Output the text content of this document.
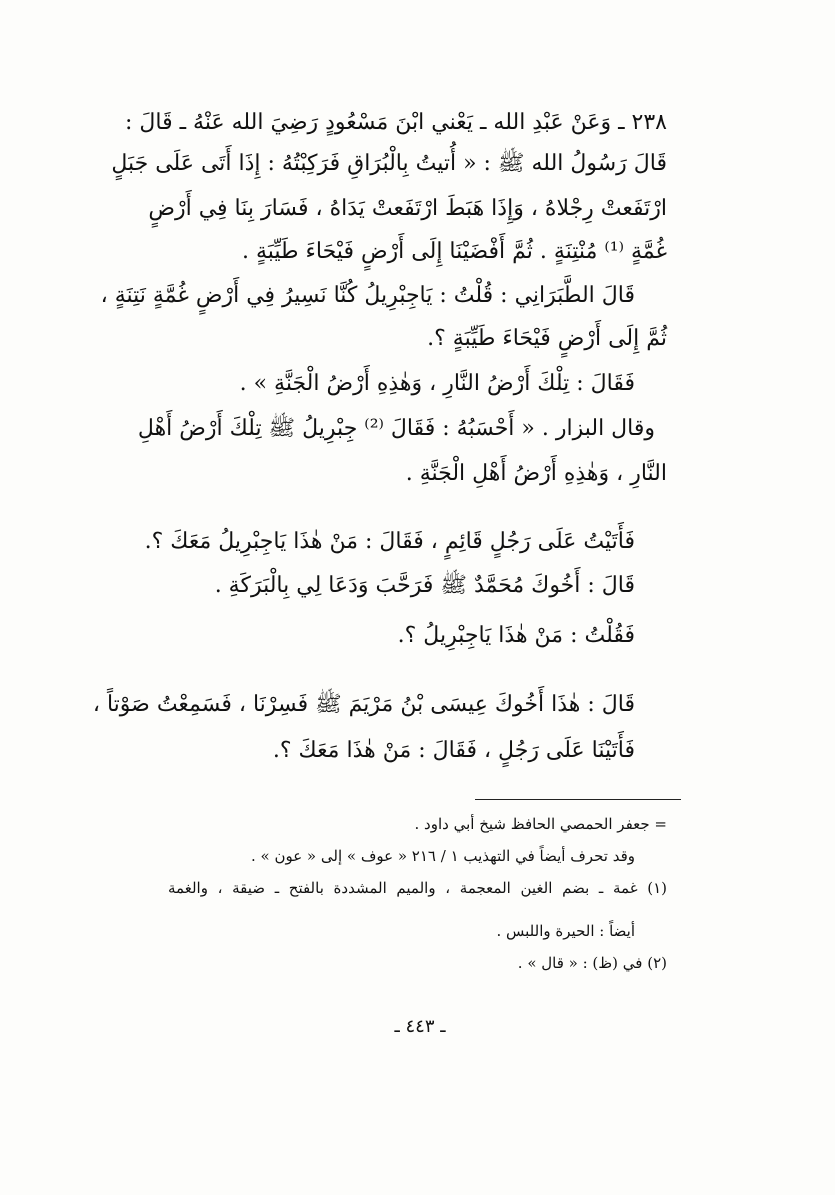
٢٣٨ ـ وَعَنْ عَبْدِ الله ـ يَعْني ابْنَ مَسْعُودٍ رَضِيَ الله عَنْهُ ـ قَالَ :
قَالَ رَسُولُ الله ﷺ : « أُتيتُ بِالْبُرَاقِ فَرَكِبْتُهُ : إِذَا أَتَى عَلَى جَبَلٍ
ارْتَفَعتْ رِجْلاهُ ، وَإِذَا هَبَطَ ارْتَفَعتْ يَدَاهُ ، فَسَارَ بِنَا فِي أَرْضٍ
غُمَّةٍ ⁽¹⁾ مُنْتِنَةٍ . ثُمَّ أَفْضَيْنَا إِلَى أَرْضٍ فَيْحَاءَ طَيِّبَةٍ .
قَالَ الطَّبَرَانِي : قُلْتُ : يَاجِبْرِيلُ كُنَّا نَسِيرُ فِي أَرْضٍ غُمَّةٍ نَتِنَةٍ ،
ثُمَّ إِلَى أَرْضٍ فَيْحَاءَ طَيِّبَةٍ ؟.
فَقَالَ : تِلْكَ أَرْضُ النَّارِ ، وَهٰذِهِ أَرْضُ الْجَنَّةِ » .
وقال البزار . « أَحْسَبُهُ : فَقَالَ ⁽²⁾ جِبْرِيلُ ﷺ تِلْكَ أَرْضُ أَهْلِ
النَّارِ ، وَهٰذِهِ أَرْضُ أَهْلِ الْجَنَّةِ .
فَأَتَيْتُ عَلَى رَجُلٍ قَائِمٍ ، فَقَالَ : مَنْ هٰذَا يَاجِبْرِيلُ مَعَكَ ؟.
قَالَ : أَخُوكَ مُحَمَّدٌ ﷺ فَرَحَّبَ وَدَعَا لِي بِالْبَرَكَةِ .
فَقُلْتُ : مَنْ هٰذَا يَاجِبْرِيلُ ؟.
قَالَ : هٰذَا أَخُوكَ عِيسَى بْنُ مَرْيَمَ ﷺ فَسِرْنَا ، فَسَمِعْتُ صَوْتاً ،
فَأَتَيْنَا عَلَى رَجُلٍ ، فَقَالَ : مَنْ هٰذَا مَعَكَ ؟.
= جعفر الحمصي الحافظ شيخ أبي داود .
وقد تحرف أيضاً في التهذيب ١ / ٢١٦ « عوف » إلى « عون » .
(١) غمة ـ بضم الغين المعجمة ، والميم المشددة بالفتح ـ ضيقة ، والغمة
أيضاً : الحيرة واللبس .
(٢) في (ظ) : « قال » .
ـ ٤٤٣ ـ
